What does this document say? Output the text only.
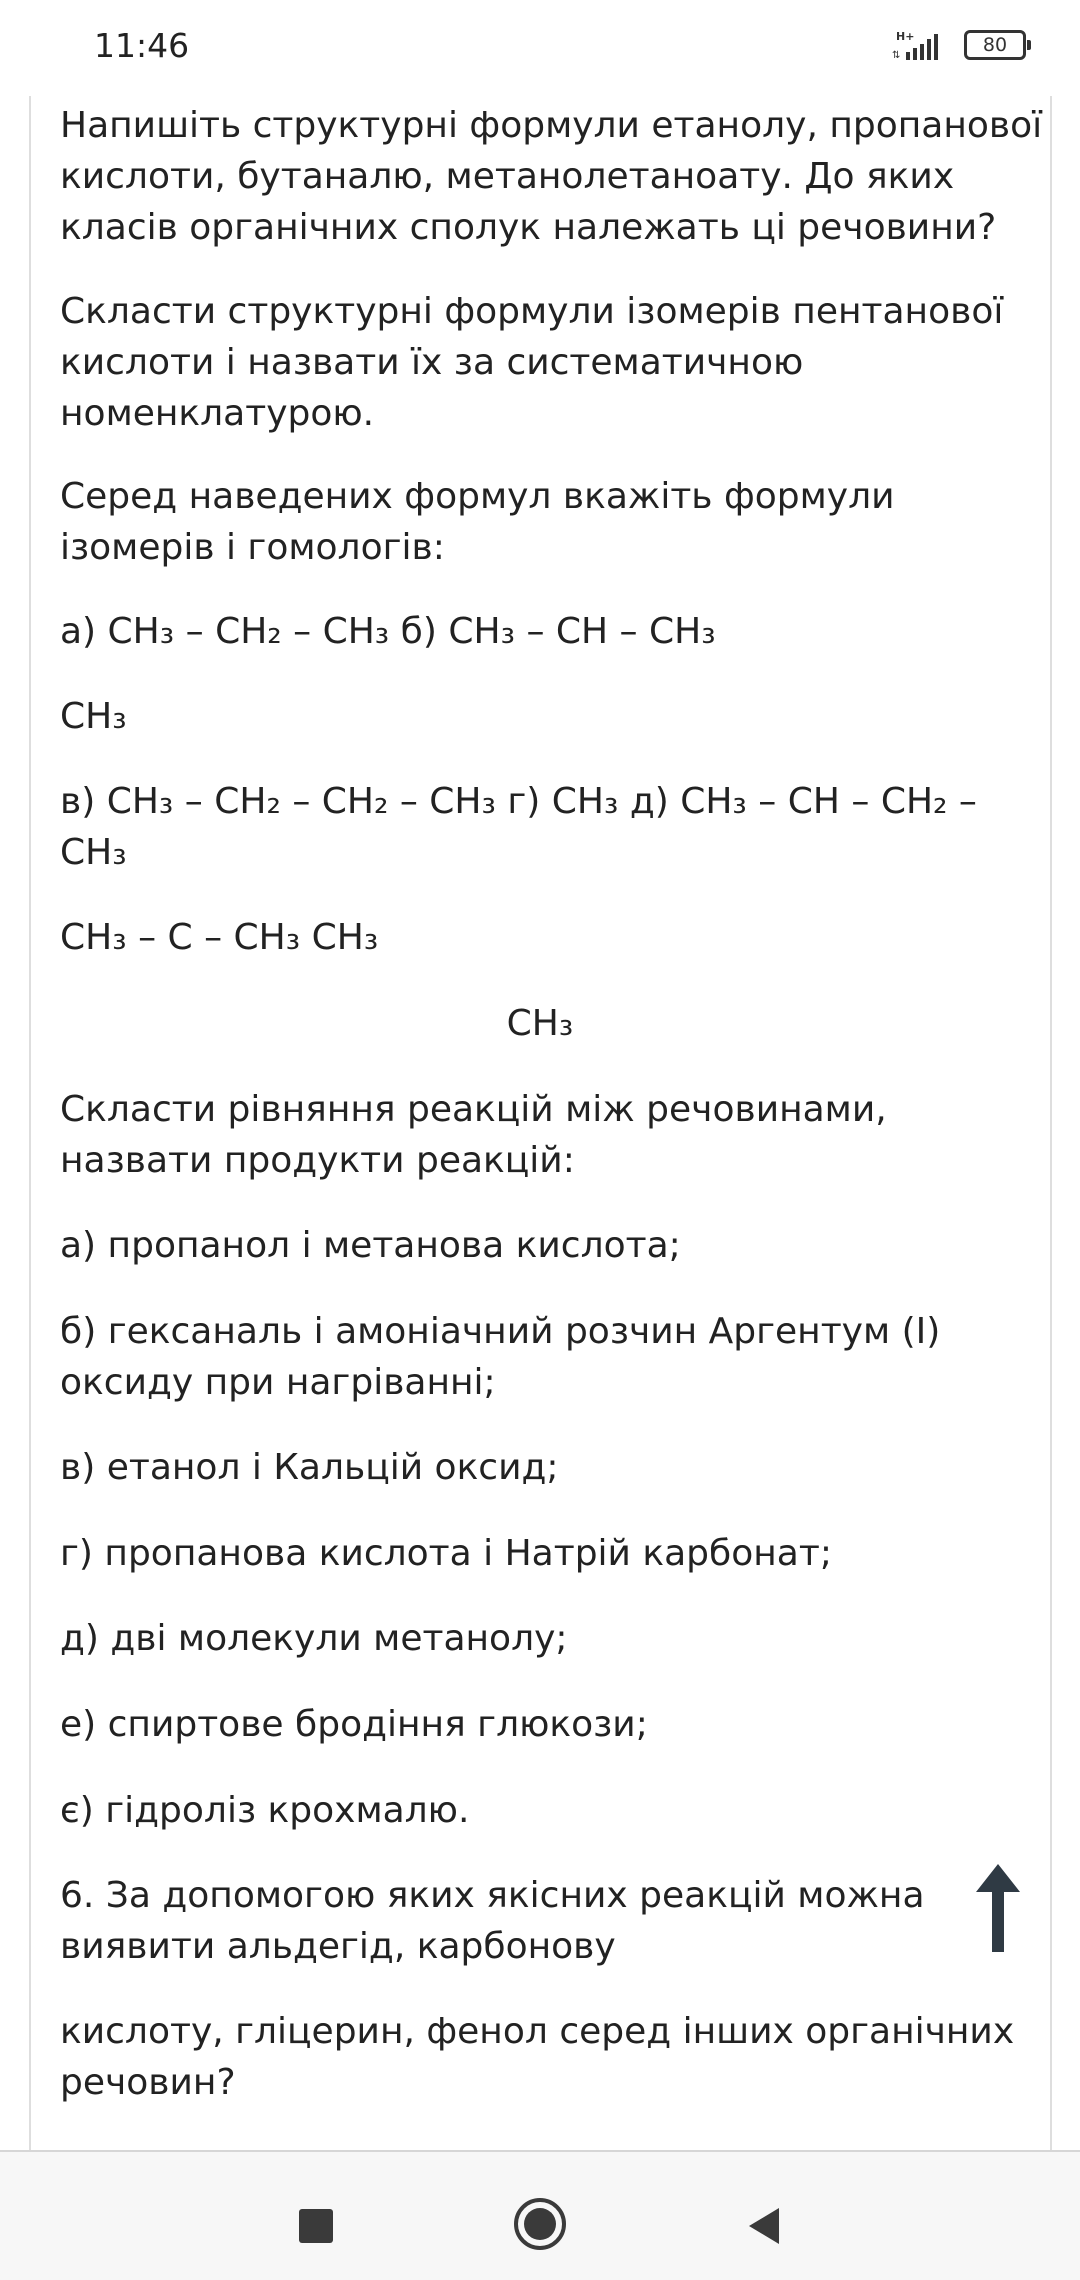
11:46	H+
⇅	80

Напишіть структурні формули етанолу, пропанової кислоти, бутаналю, метанолетаноату. До яких класів органічних сполук належать ці речовини?

Скласти структурні формули ізомерів пентанової кислоти і назвати їх за систематичною номенклатурою.

Серед наведених формул вкажіть формули ізомерів і гомологів:

а) CH₃ – CH₂ – CH₃ б) CH₃ – CH – CH₃

CH₃

в) CH₃ – CH₂ – CH₂ – CH₃ г) CH₃ д) CH₃ – CH – CH₂ – CH₃

CH₃ – C – CH₃ CH₃

CH₃

Скласти рівняння реакцій між речовинами, назвати продукти реакцій:

а) пропанол і метанова кислота;

б) гексаналь і амоніачний розчин Аргентум (I) оксиду при нагріванні;

в) етанол і Кальцій оксид;

г) пропанова кислота і Натрій карбонат;

д) дві молекули метанолу;

е) спиртове бродіння глюкози;

є) гідроліз крохмалю.

6. За допомогою яких якісних реакцій можна виявити альдегід, карбонову

кислоту, гліцерин, фенол серед інших органічних речовин?
